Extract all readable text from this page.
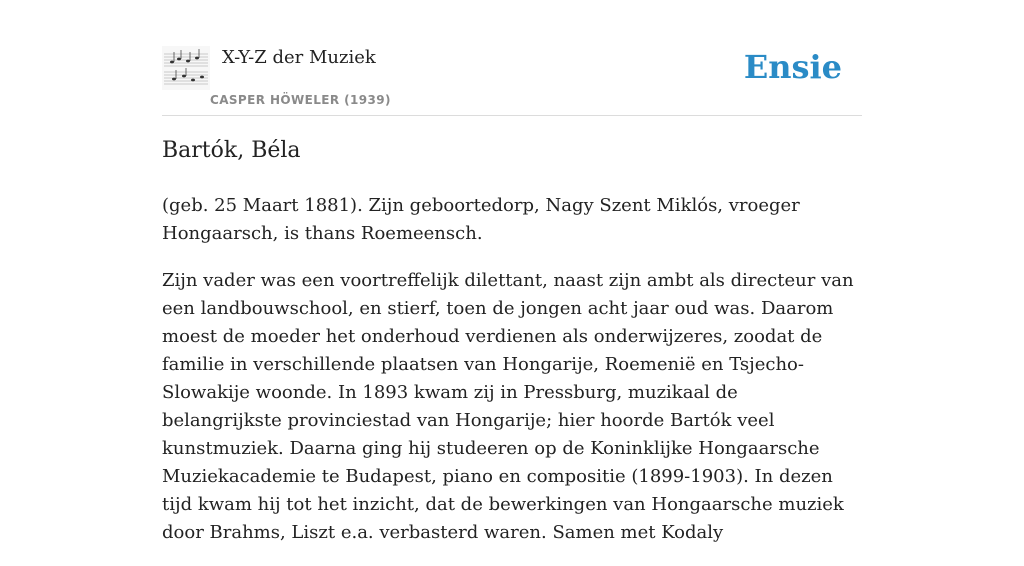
X-Y-Z der Muziek
CASPER HÖWELER (1939)
Ensie
Bartók, Béla

(geb. 25 Maart 1881). Zijn geboortedorp, Nagy Szent Miklós, vroeger Hongaarsch, is thans Roemeensch.

Zijn vader was een voortreffelijk dilettant, naast zijn ambt als directeur van een landbouwschool, en stierf, toen de jongen acht jaar oud was. Daarom moest de moeder het onderhoud verdienen als onderwijzeres, zoodat de familie in verschillende plaatsen van Hongarije, Roemenië en Tsjecho-Slowakije woonde. In 1893 kwam zij in Pressburg, muzikaal de belangrijkste provinciestad van Hongarije; hier hoorde Bartók veel kunstmuziek. Daarna ging hij studeeren op de Koninklijke Hongaarsche Muziekacademie te Budapest, piano en compositie (1899-1903). In dezen tijd kwam hij tot het inzicht, dat de bewerkingen van Hongaarsche muziek door Brahms, Liszt e.a. verbasterd waren. Samen met Kodaly
